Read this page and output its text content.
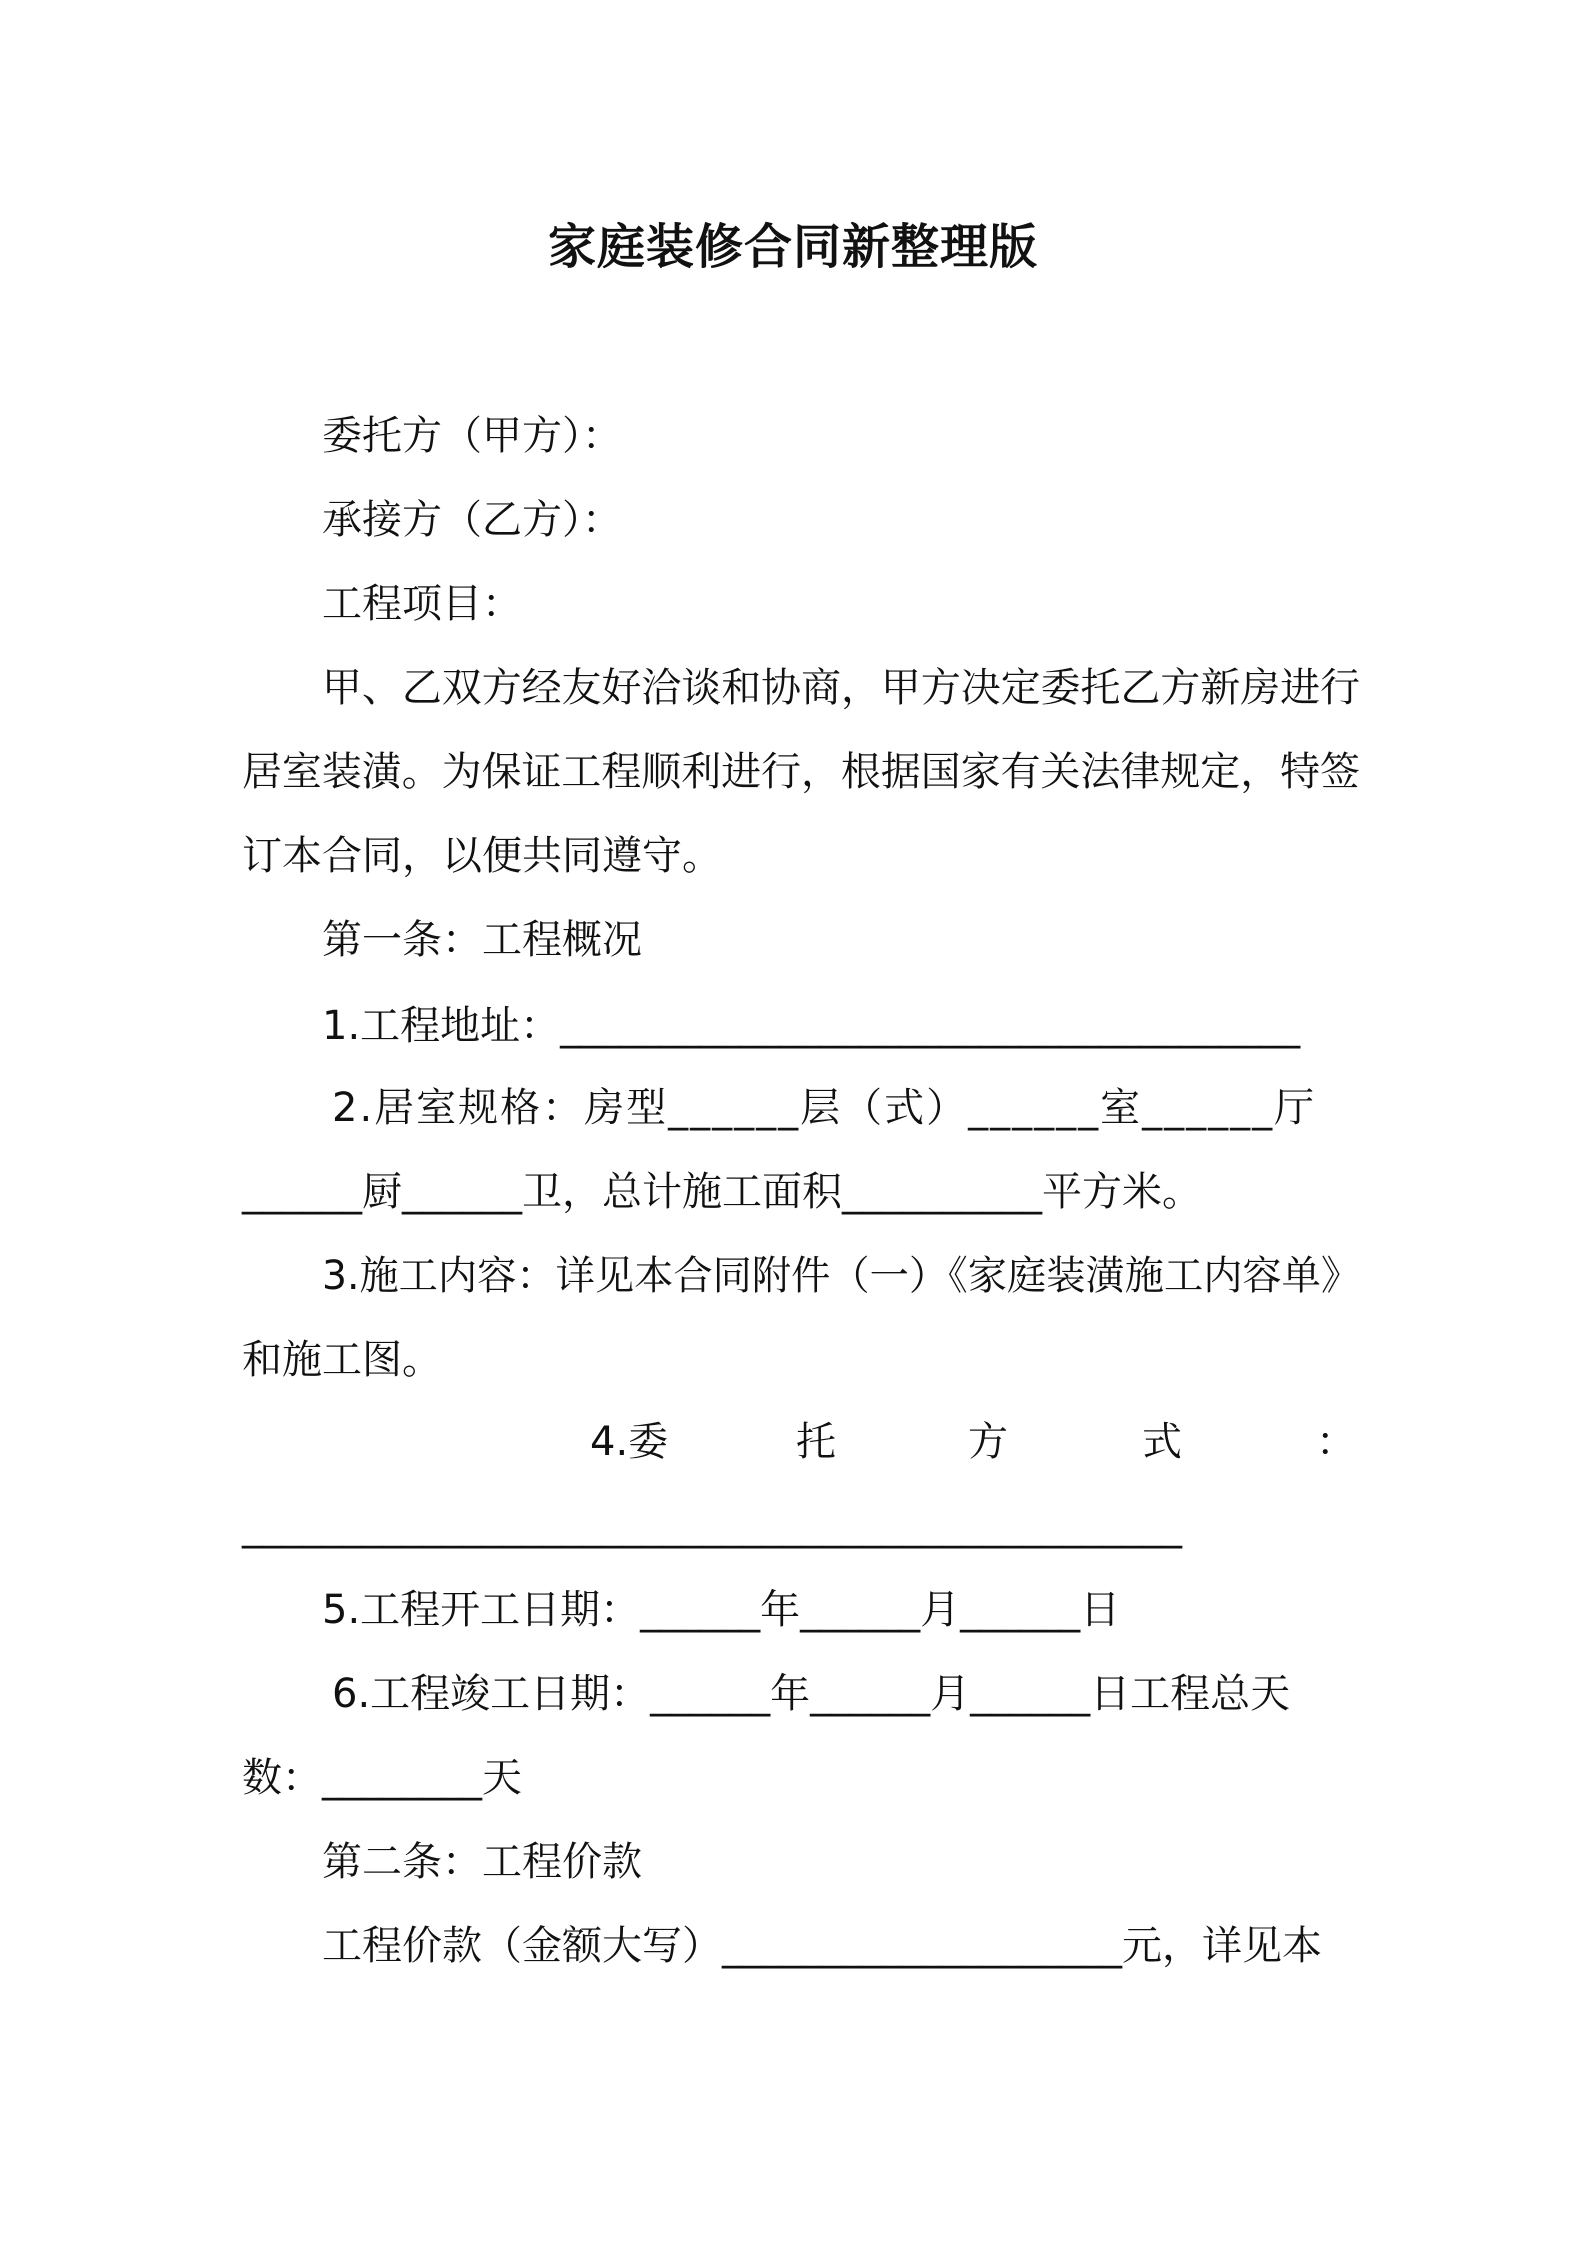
家庭装修合同新整理版
委托方（甲方）：
承接方（乙方）：
工程项目：
甲、乙双方经友好洽谈和协商，甲方决定委托乙方新房进行
居室装潢。为保证工程顺利进行，根据国家有关法律规定，特签
订本合同，以便共同遵守。
第一条：工程概况
1.工程地址：_____________________________________
2.居室规格：房型______层（式）______室______厅
______厨______卫，总计施工面积__________平方米。
3.施工内容：详见本合同附件（一）《家庭装潢施工内容单》
和施工图。
4.委	托	方	式	：
_______________________________________________
5.工程开工日期：______年______月______日
6.工程竣工日期：______年______月______日工程总天
数：________天
第二条：工程价款
工程价款（金额大写）____________________元，详见本
